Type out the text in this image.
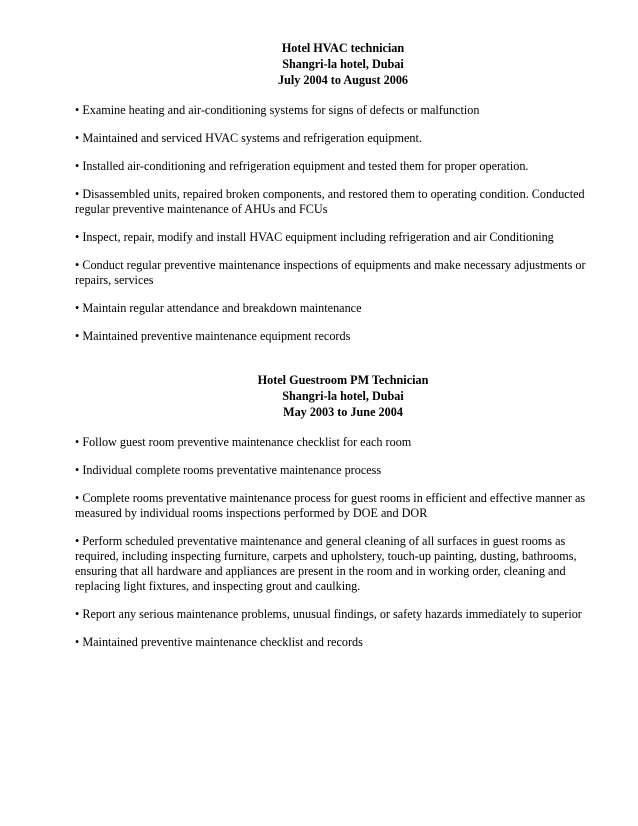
Hotel HVAC technician
Shangri-la hotel, Dubai
July 2004 to August 2006
• Examine heating and air-conditioning systems for signs of defects or malfunction
• Maintained and serviced HVAC systems and refrigeration equipment.
• Installed air-conditioning and refrigeration equipment and tested them for proper operation.
• Disassembled units, repaired broken components, and restored them to operating condition. Conducted regular preventive maintenance of AHUs and FCUs
• Inspect, repair, modify and install HVAC equipment including refrigeration and air Conditioning
• Conduct regular preventive maintenance inspections of equipments and make necessary adjustments or repairs, services
• Maintain regular attendance and breakdown maintenance
• Maintained preventive maintenance equipment records
Hotel Guestroom PM Technician
Shangri-la hotel, Dubai
May 2003 to June 2004
• Follow guest room preventive maintenance checklist for each room
• Individual complete rooms preventative maintenance process
• Complete rooms preventative maintenance process for guest rooms in efficient and effective manner as measured by individual rooms inspections performed by DOE and DOR
• Perform scheduled preventative maintenance and general cleaning of all surfaces in guest rooms as required, including inspecting furniture, carpets and upholstery, touch-up painting, dusting, bathrooms, ensuring that all hardware and appliances are present in the room and in working order, cleaning and replacing light fixtures, and inspecting grout and caulking.
• Report any serious maintenance problems, unusual findings, or safety hazards immediately to superior
• Maintained preventive maintenance checklist and records
